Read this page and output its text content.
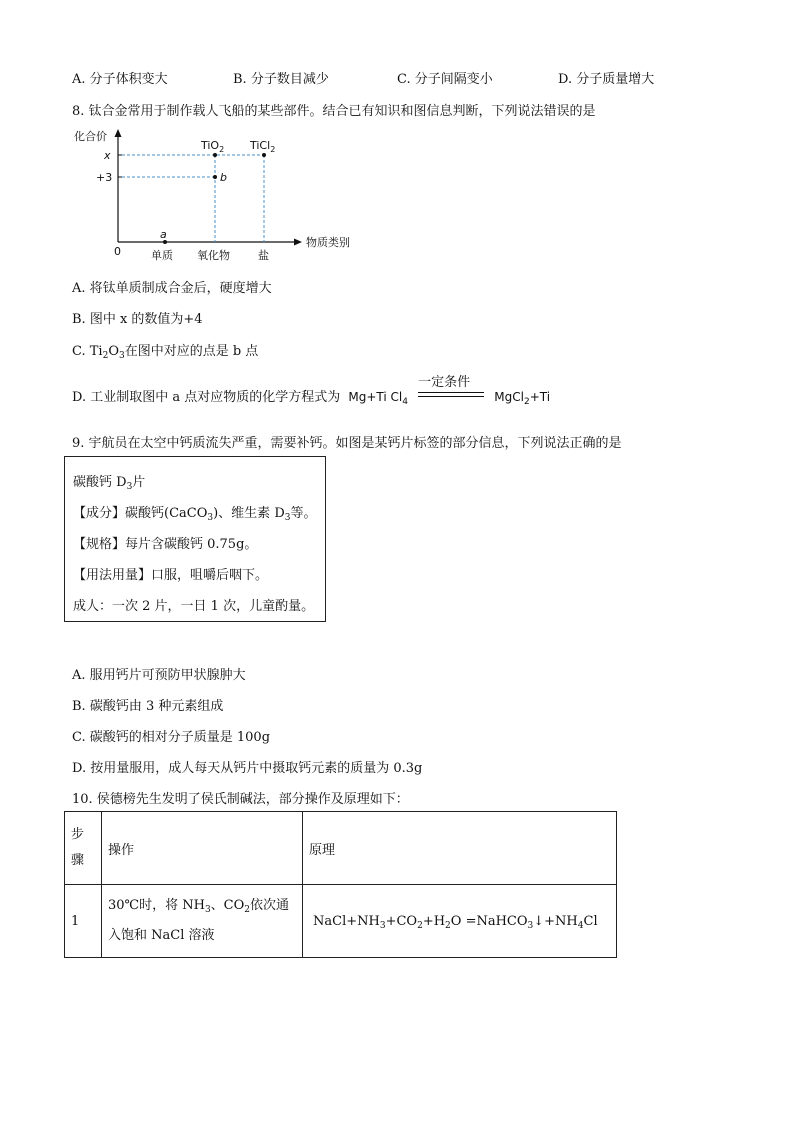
A. 分子体积变大	B. 分子数目减少	C. 分子间隔变小	D. 分子质量增大
8. 钛合金常用于制作载人飞船的某些部件。结合已有知识和图信息判断，下列说法错误的是
化合价
x
+3
0
a
b
TiO$_2$ TiCl$_2$
单质 氧化物	盐
物质类别
A. 将钛单质制成合金后，硬度增大
B. 图中 x 的数值为+4
C. $Ti_2O_3$在图中对应的点是 b 点
D. 工业制取图中 a 点对应物质的化学方程式为 Mg+Ti $Cl_4$
一定条件
MgCl$_2$+Ti
9. 宇航员在太空中钙质流失严重，需要补钙。如图是某钙片标签的部分信息，下列说法正确的是
碳酸钙 $D_3$片
【成分】碳酸钙(CaCO$_3$)、维生素 $D_3$等。
【规格】每片含碳酸钙 0.75g。
【用法用量】口服，咀嚼后咽下。
成人：一次 2 片，一日 1 次，儿童酌量。
A. 服用钙片可预防甲状腺肿大
B. 碳酸钙由 3 种元素组成
C. 碳酸钙的相对分子质量是 100g
D. 按用量服用，成人每天从钙片中摄取钙元素的质量为 0.3g
10. 侯德榜先生发明了侯氏制碱法，部分操作及原理如下：
步
骤	操作	原理
1	30℃时，将 $NH_3$、$CO_2$依次通
入饱和 NaCl 溶液	$NaCl+NH_3+CO_2+H_2O$ $=NaHCO_3↓+NH_4Cl$
